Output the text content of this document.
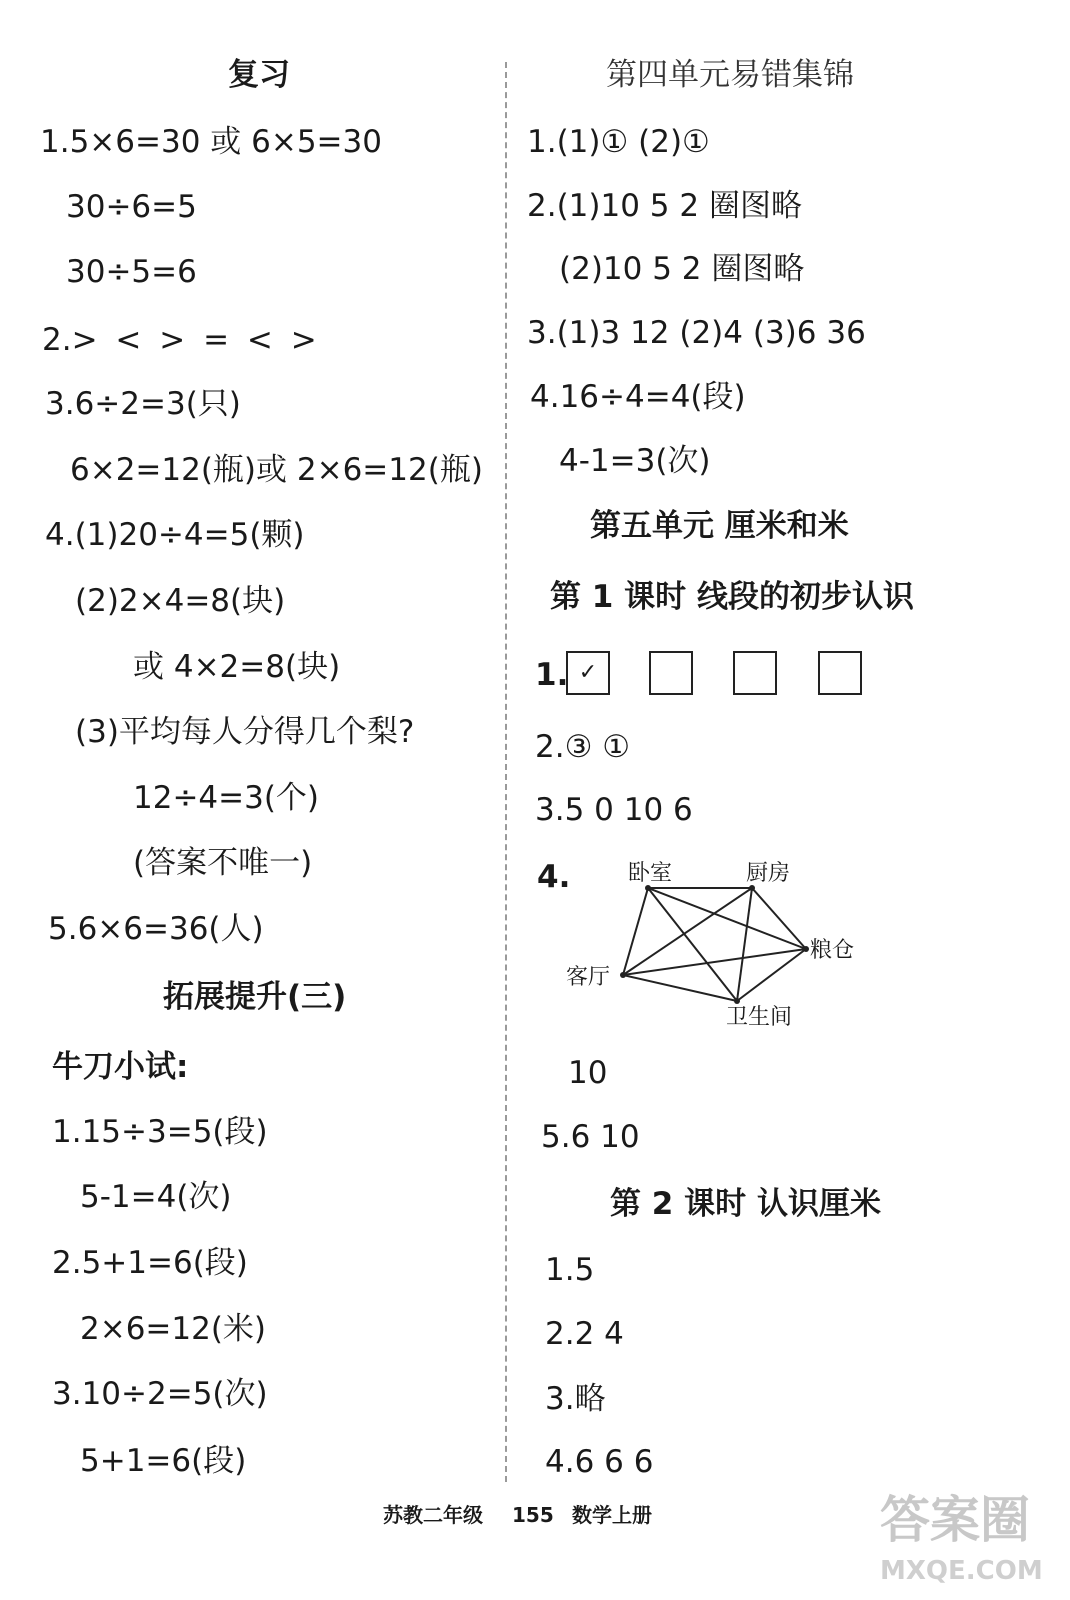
复习
1.5×6=30 或 6×5=30
30÷6=5
30÷5=6
2.> < > = < >
3.6÷2=3(只)
6×2=12(瓶)或 2×6=12(瓶)
4.(1)20÷4=5(颗)
(2)2×4=8(块)
或 4×2=8(块)
(3)平均每人分得几个梨?
12÷4=3(个)
(答案不唯一)
5.6×6=36(人)
拓展提升(三)
牛刀小试:
1.15÷3=5(段)
5-1=4(次)
2.5+1=6(段)
2×6=12(米)
3.10÷2=5(次)
5+1=6(段)
第四单元易错集锦
1.(1)① (2)①
2.(1)10 5 2 圈图略
(2)10 5 2 圈图略
3.(1)3 12 (2)4 (3)6 36
4.16÷4=4(段)
4-1=3(次)
第五单元 厘米和米
第 1 课时 线段的初步认识
1. ✓
2.③ ①
3.5 0 10 6
4.	卧室	厨房
粮仓
客厅
卫生间
10
5.6 10
第 2 课时 认识厘米
1.5
2.2 4
3.略
4.6 6 6
苏教二年级 155 数学上册	答案圈
MXQE.COM
